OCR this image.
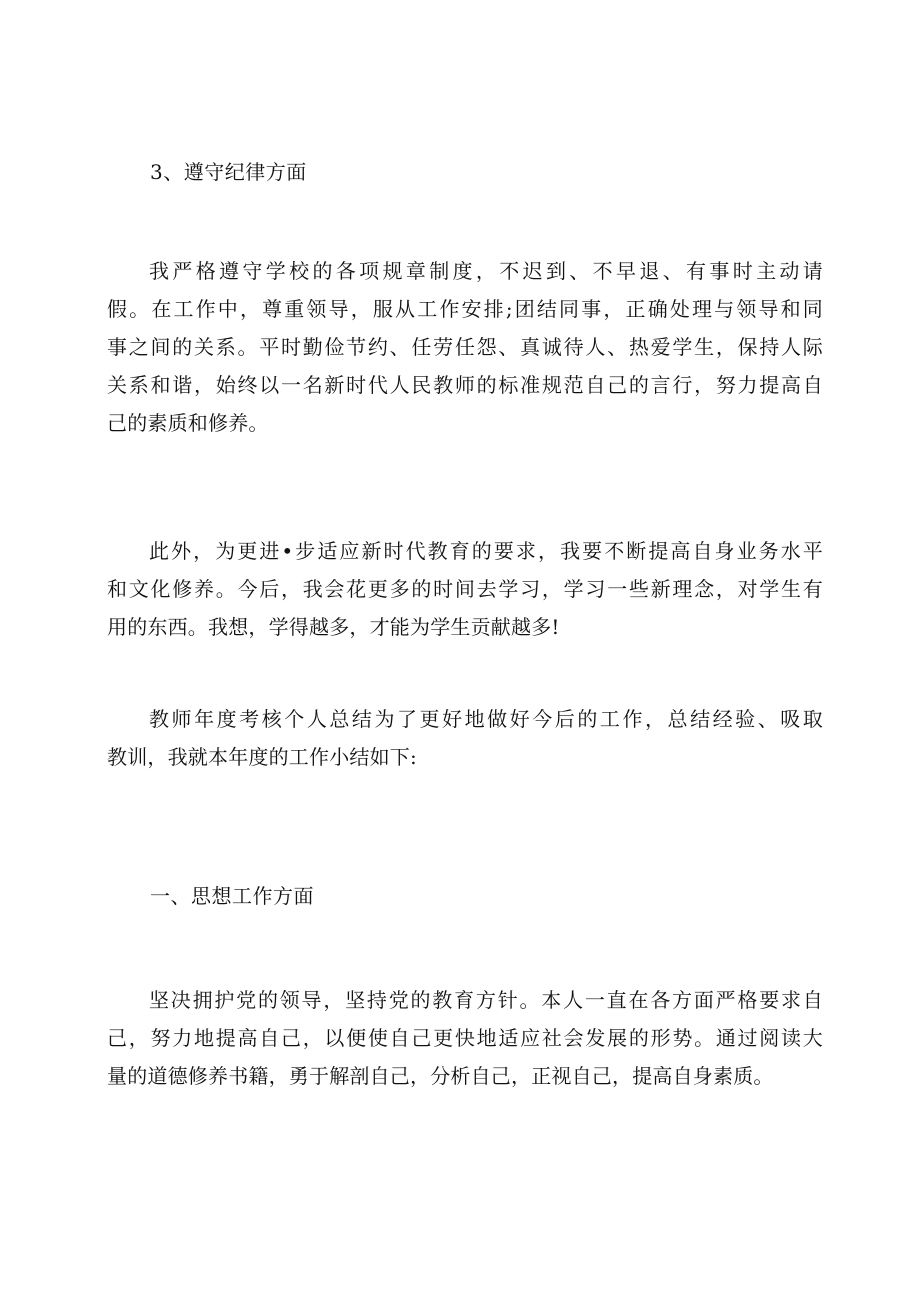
3、遵守纪律方面
我严格遵守学校的各项规章制度，不迟到、不早退、有事时主动请
假。在工作中，尊重领导，服从工作安排;团结同事，正确处理与领导和同
事之间的关系。平时勤俭节约、任劳任怨、真诚待人、热爱学生，保持人际
关系和谐，始终以一名新时代人民教师的标准规范自己的言行，努力提高自
己的素质和修养。
此外，为更进•步适应新时代教育的要求，我要不断提高自身业务水平
和文化修养。今后，我会花更多的时间去学习，学习一些新理念，对学生有
用的东西。我想，学得越多，才能为学生贡献越多!
教师年度考核个人总结为了更好地做好今后的工作，总结经验、吸取
教训，我就本年度的工作小结如下:
一、思想工作方面
坚决拥护党的领导，坚持党的教育方针。本人一直在各方面严格要求自
己，努力地提高自己，以便使自己更快地适应社会发展的形势。通过阅读大
量的道德修养书籍，勇于解剖自己，分析自己，正视自己，提高自身素质。
